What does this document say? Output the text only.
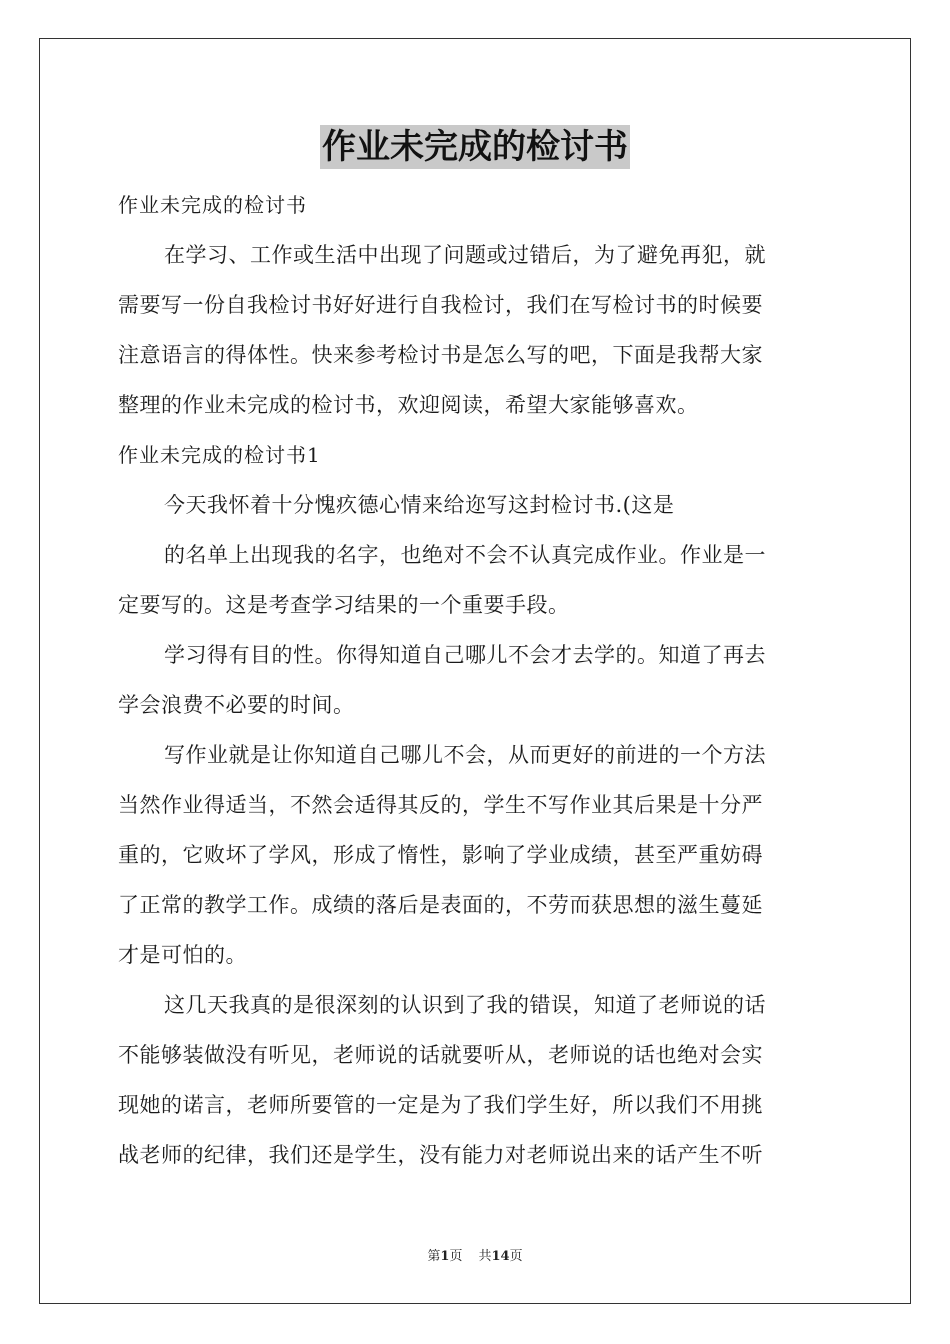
作业未完成的检讨书
作业未完成的检讨书
在学习、工作或生活中出现了问题或过错后，为了避免再犯，就
需要写一份自我检讨书好好进行自我检讨，我们在写检讨书的时候要
注意语言的得体性。快来参考检讨书是怎么写的吧，下面是我帮大家
整理的作业未完成的检讨书，欢迎阅读，希望大家能够喜欢。
作业未完成的检讨书1
今天我怀着十分愧疚德心情来给迩写这封检讨书.(这是
的名单上出现我的名字，也绝对不会不认真完成作业。作业是一
定要写的。这是考查学习结果的一个重要手段。
学习得有目的性。你得知道自己哪儿不会才去学的。知道了再去
学会浪费不必要的时间。
写作业就是让你知道自己哪儿不会，从而更好的前进的一个方法
当然作业得适当，不然会适得其反的，学生不写作业其后果是十分严
重的，它败坏了学风，形成了惰性，影响了学业成绩，甚至严重妨碍
了正常的教学工作。成绩的落后是表面的，不劳而获思想的滋生蔓延
才是可怕的。
这几天我真的是很深刻的认识到了我的错误，知道了老师说的话
不能够装做没有听见，老师说的话就要听从，老师说的话也绝对会实
现她的诺言，老师所要管的一定是为了我们学生好，所以我们不用挑
战老师的纪律，我们还是学生，没有能力对老师说出来的话产生不听
第1页 共14页
